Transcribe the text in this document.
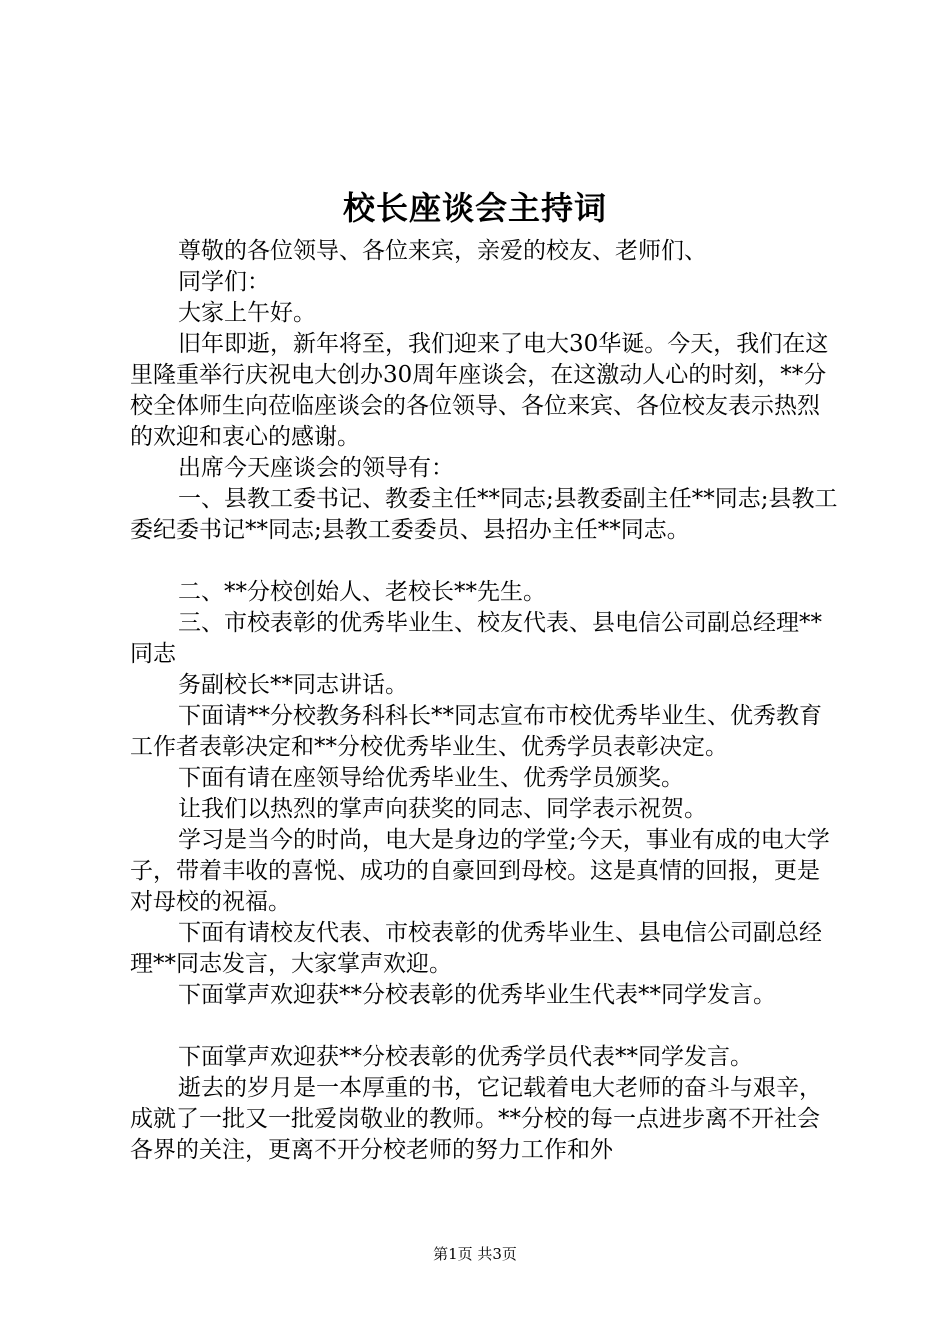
校长座谈会主持词

尊敬的各位领导、各位来宾，亲爱的校友、老师们、

同学们：

大家上午好。

旧年即逝，新年将至，我们迎来了电大30华诞。今天，我们在这里隆重举行庆祝电大创办30周年座谈会，在这激动人心的时刻，**分校全体师生向莅临座谈会的各位领导、各位来宾、各位校友表示热烈的欢迎和衷心的感谢。

出席今天座谈会的领导有：

一、县教工委书记、教委主任**同志;县教委副主任**同志;县教工委纪委书记**同志;县教工委委员、县招办主任**同志。

二、**分校创始人、老校长**先生。

三、市校表彰的优秀毕业生、校友代表、县电信公司副总经理**同志

务副校长**同志讲话。

下面请**分校教务科科长**同志宣布市校优秀毕业生、优秀教育工作者表彰决定和**分校优秀毕业生、优秀学员表彰决定。

下面有请在座领导给优秀毕业生、优秀学员颁奖。

让我们以热烈的掌声向获奖的同志、同学表示祝贺。

学习是当今的时尚，电大是身边的学堂;今天，事业有成的电大学子，带着丰收的喜悦、成功的自豪回到母校。这是真情的回报，更是对母校的祝福。

下面有请校友代表、市校表彰的优秀毕业生、县电信公司副总经理**同志发言，大家掌声欢迎。

下面掌声欢迎获**分校表彰的优秀毕业生代表**同学发言。

下面掌声欢迎获**分校表彰的优秀学员代表**同学发言。

逝去的岁月是一本厚重的书，它记载着电大老师的奋斗与艰辛，成就了一批又一批爱岗敬业的教师。**分校的每一点进步离不开社会各界的关注，更离不开分校老师的努力工作和外

第1页 共3页
